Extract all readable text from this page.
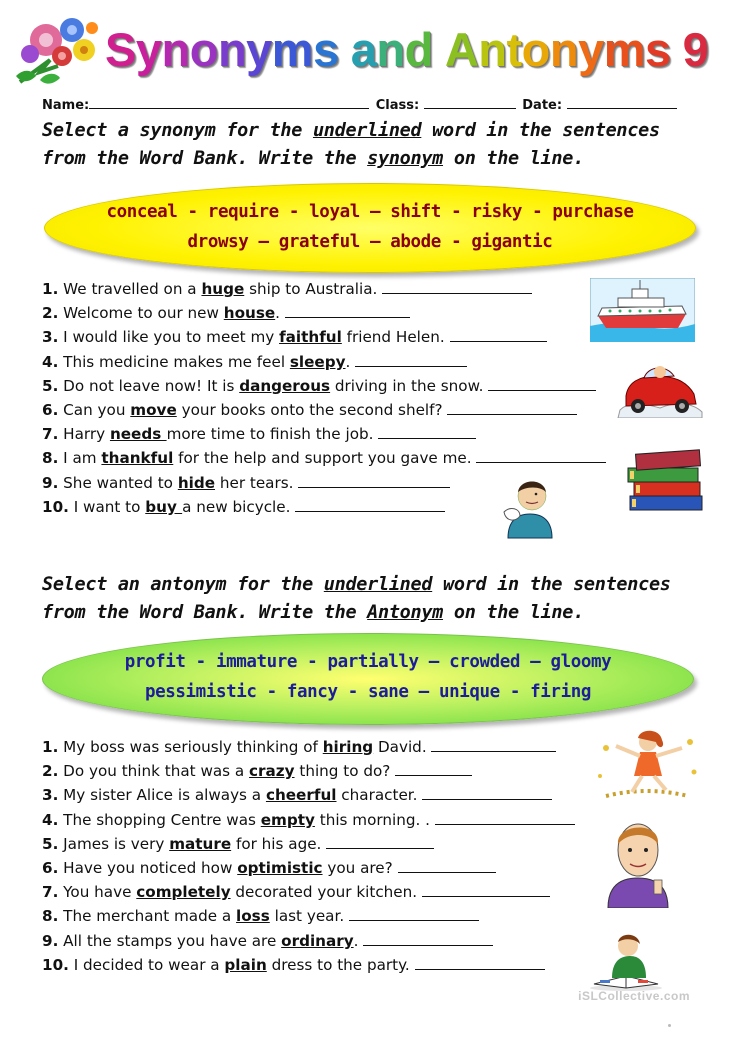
Synonyms and Antonyms 9
Name:	Class:	Date:
Select a synonym for the underlined word in the sentences from the Word Bank. Write the synonym on the line.
conceal - require - loyal – shift - risky - purchase
drowsy – grateful – abode - gigantic
1. We travelled on a huge ship to Australia.
2. Welcome to our new house.
3. I would like you to meet my faithful friend Helen.
4. This medicine makes me feel sleepy.
5. Do not leave now! It is dangerous driving in the snow.
6. Can you move your books onto the second shelf?
7. Harry needs more time to finish the job.
8. I am thankful for the help and support you gave me.
9. She wanted to hide her tears.
10. I want to buy a new bicycle.
Select an antonym for the underlined word in the sentences from the Word Bank. Write the Antonym on the line.
profit - immature - partially – crowded – gloomy
pessimistic - fancy - sane – unique - firing
1. My boss was seriously thinking of hiring David.
2. Do you think that was a crazy thing to do?
3. My sister Alice is always a cheerful character.
4. The shopping Centre was empty this morning. .
5. James is very mature for his age.
6. Have you noticed how optimistic you are?
7. You have completely decorated your kitchen.
8. The merchant made a loss last year.
9. All the stamps you have are ordinary.
10. I decided to wear a plain dress to the party.
iSLCollective.com
